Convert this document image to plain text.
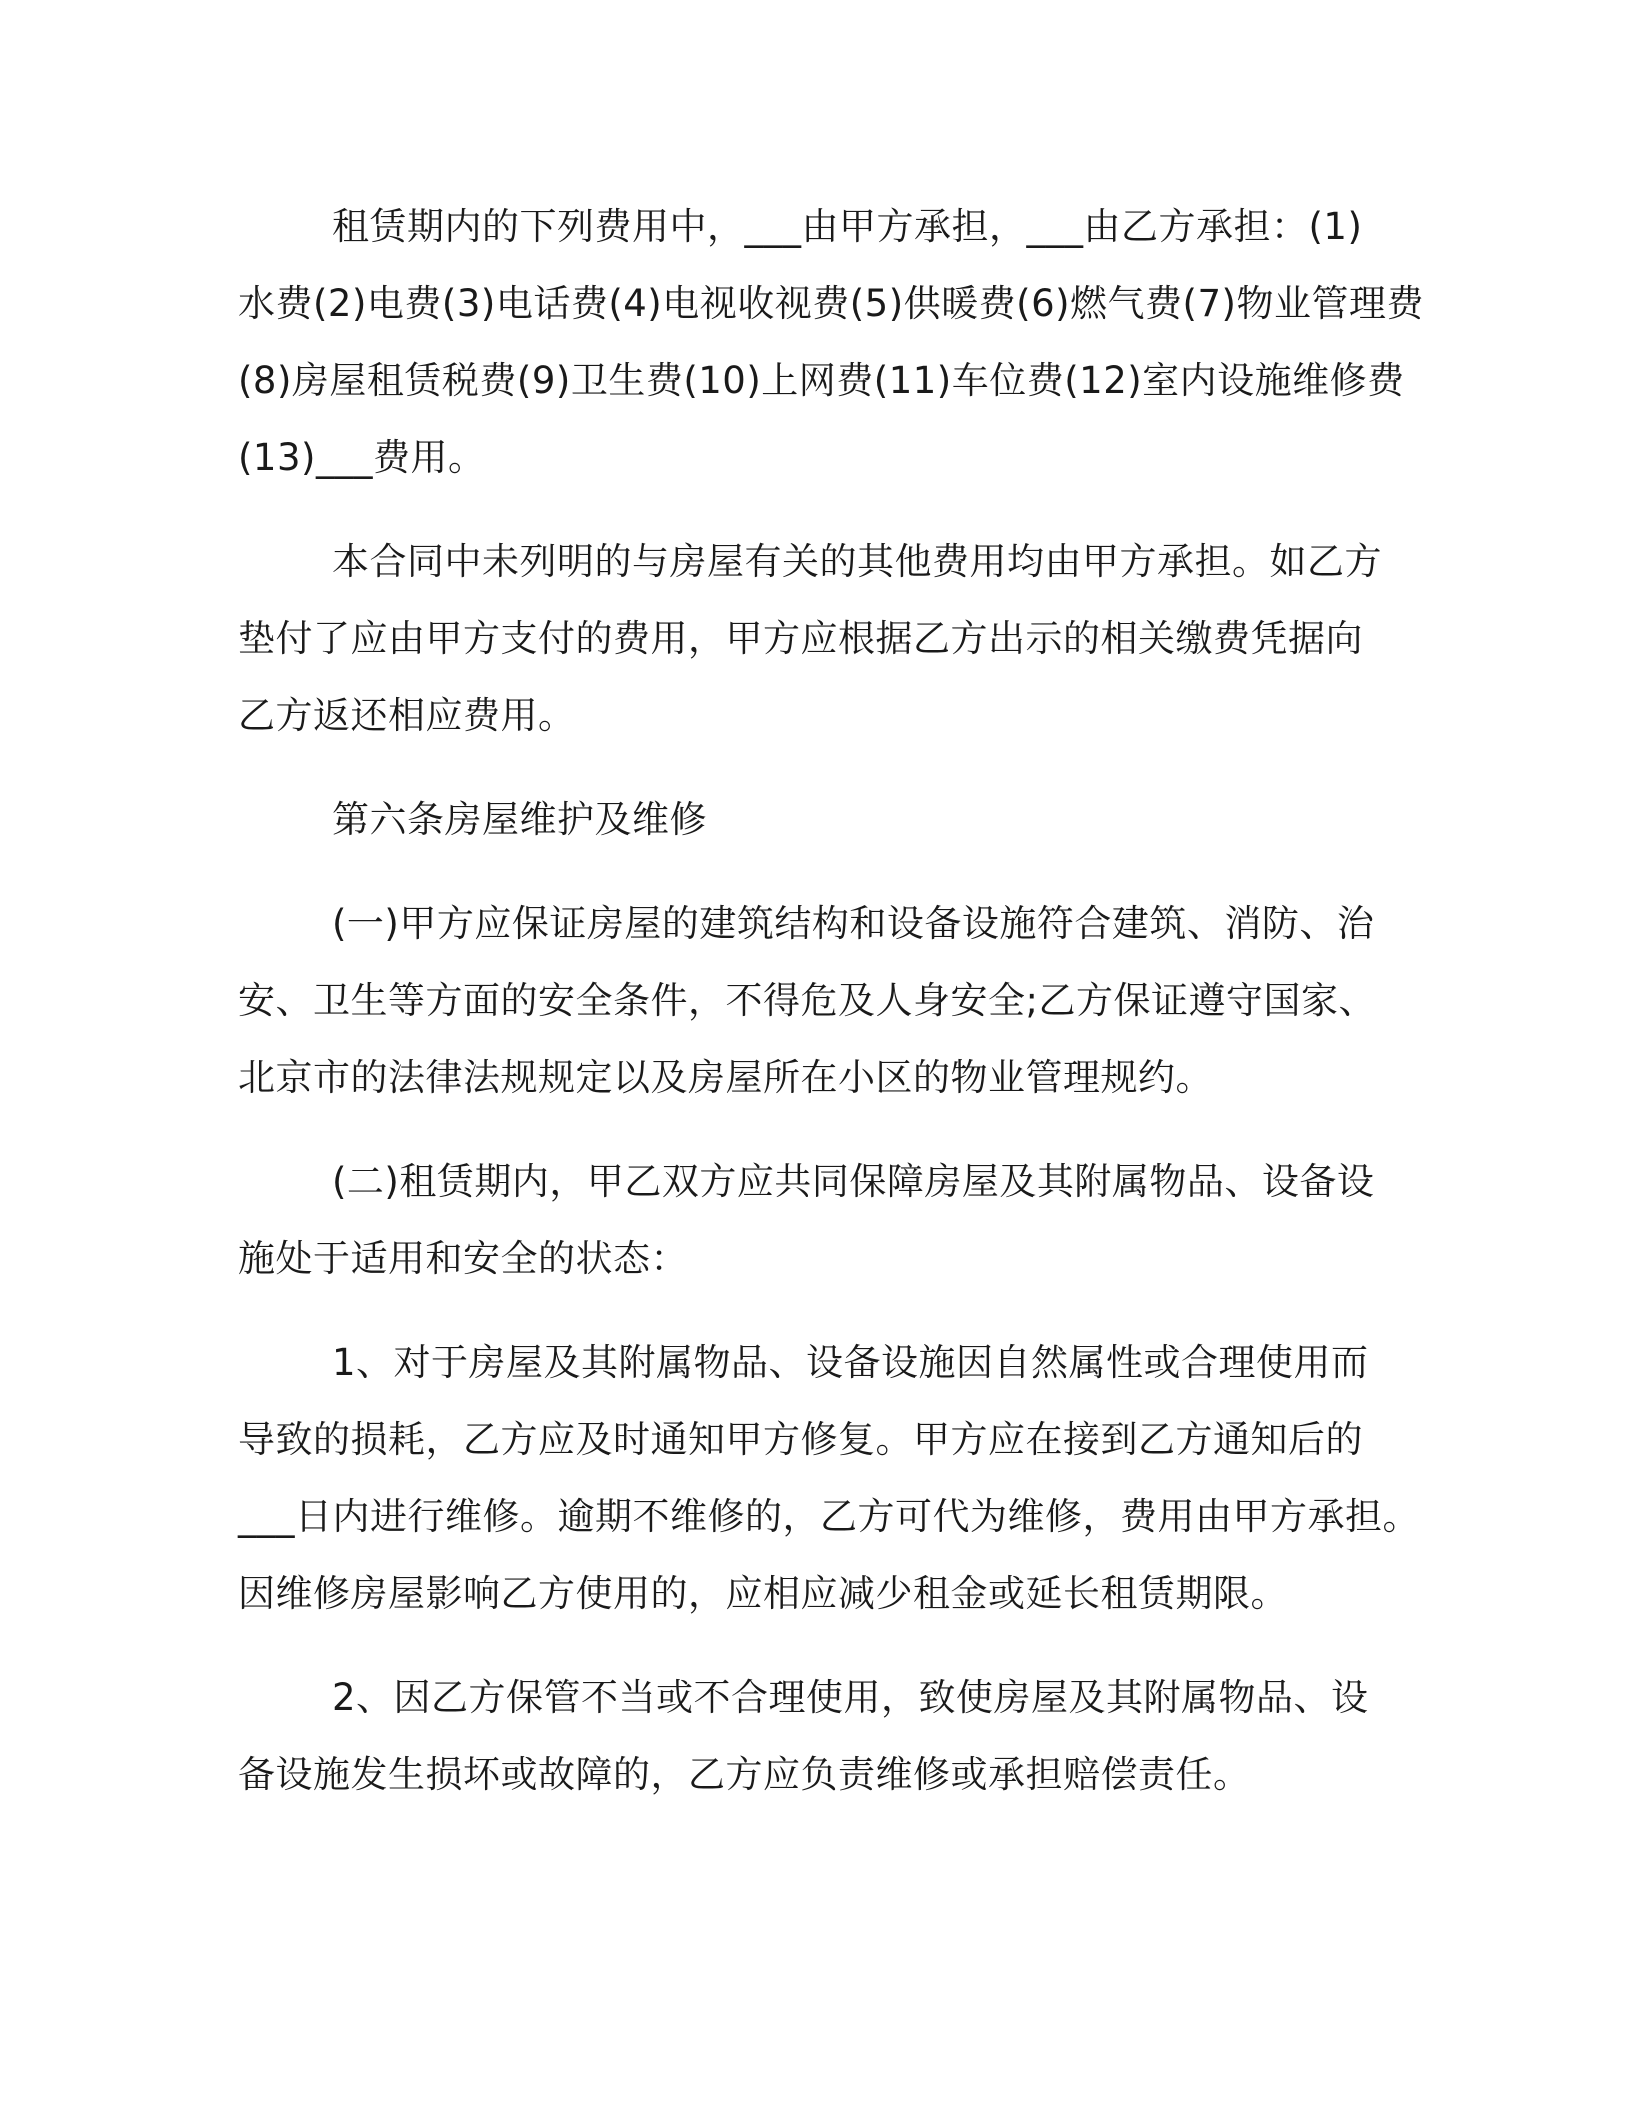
租赁期内的下列费用中，___由甲方承担，___由乙方承担：(1)
水费(2)电费(3)电话费(4)电视收视费(5)供暖费(6)燃气费(7)物业管理费
(8)房屋租赁税费(9)卫生费(10)上网费(11)车位费(12)室内设施维修费
(13)___费用。
本合同中未列明的与房屋有关的其他费用均由甲方承担。如乙方
垫付了应由甲方支付的费用，甲方应根据乙方出示的相关缴费凭据向
乙方返还相应费用。
第六条房屋维护及维修
(一)甲方应保证房屋的建筑结构和设备设施符合建筑、消防、治
安、卫生等方面的安全条件，不得危及人身安全;乙方保证遵守国家、
北京市的法律法规规定以及房屋所在小区的物业管理规约。
(二)租赁期内，甲乙双方应共同保障房屋及其附属物品、设备设
施处于适用和安全的状态：
1、对于房屋及其附属物品、设备设施因自然属性或合理使用而
导致的损耗，乙方应及时通知甲方修复。甲方应在接到乙方通知后的
___日内进行维修。逾期不维修的，乙方可代为维修，费用由甲方承担。
因维修房屋影响乙方使用的，应相应减少租金或延长租赁期限。
2、因乙方保管不当或不合理使用，致使房屋及其附属物品、设
备设施发生损坏或故障的，乙方应负责维修或承担赔偿责任。
